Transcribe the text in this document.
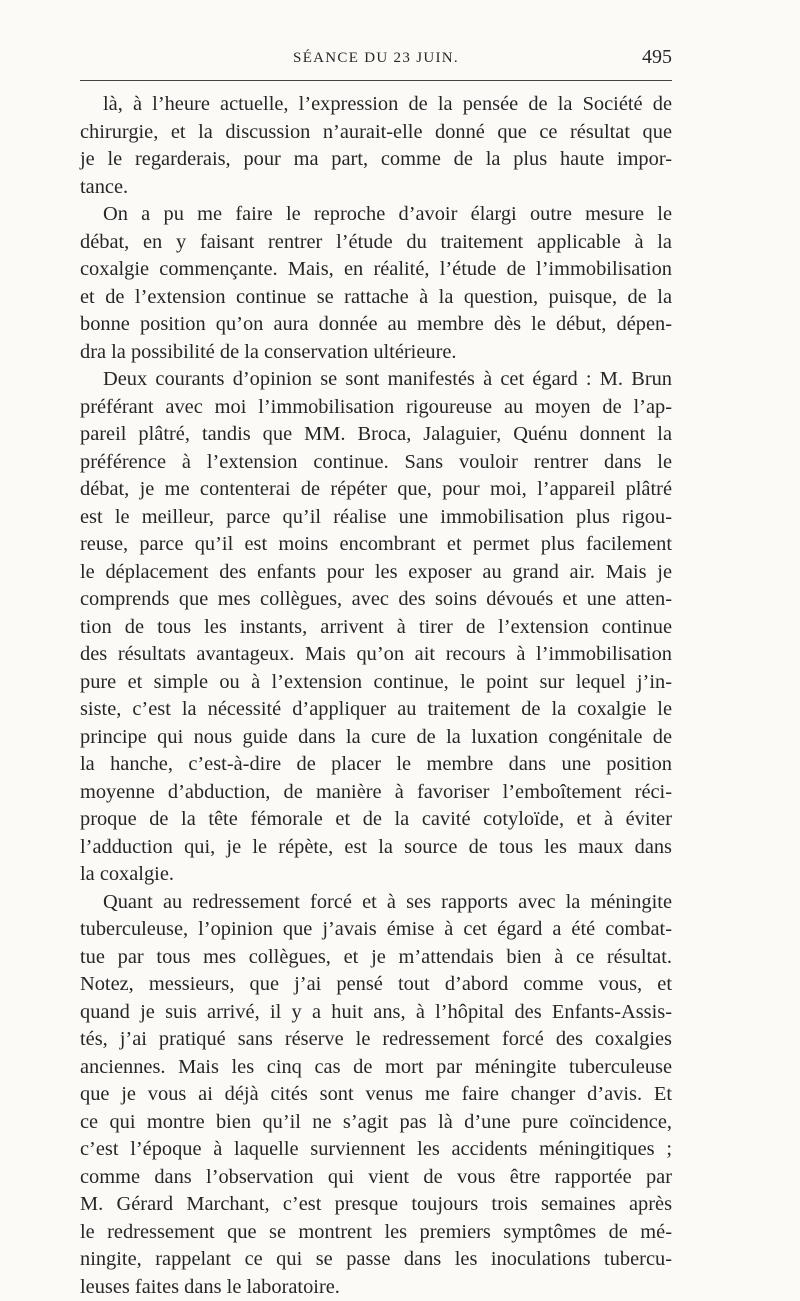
SÉANCE DU 23 JUIN.	495
là, à l’heure actuelle, l’expression de la pensée de la Société de
chirurgie, et la discussion n’aurait-elle donné que ce résultat que
je le regarderais, pour ma part, comme de la plus haute impor-
tance.
On a pu me faire le reproche d’avoir élargi outre mesure le
débat, en y faisant rentrer l’étude du traitement applicable à la
coxalgie commençante. Mais, en réalité, l’étude de l’immobilisation
et de l’extension continue se rattache à la question, puisque, de la
bonne position qu’on aura donnée au membre dès le début, dépen-
dra la possibilité de la conservation ultérieure.
Deux courants d’opinion se sont manifestés à cet égard : M. Brun
préférant avec moi l’immobilisation rigoureuse au moyen de l’ap-
pareil plâtré, tandis que MM. Broca, Jalaguier, Quénu donnent la
préférence à l’extension continue. Sans vouloir rentrer dans le
débat, je me contenterai de répéter que, pour moi, l’appareil plâtré
est le meilleur, parce qu’il réalise une immobilisation plus rigou-
reuse, parce qu’il est moins encombrant et permet plus facilement
le déplacement des enfants pour les exposer au grand air. Mais je
comprends que mes collègues, avec des soins dévoués et une atten-
tion de tous les instants, arrivent à tirer de l’extension continue
des résultats avantageux. Mais qu’on ait recours à l’immobilisation
pure et simple ou à l’extension continue, le point sur lequel j’in-
siste, c’est la nécessité d’appliquer au traitement de la coxalgie le
principe qui nous guide dans la cure de la luxation congénitale de
la hanche, c’est-à-dire de placer le membre dans une position
moyenne d’abduction, de manière à favoriser l’emboîtement réci-
proque de la tête fémorale et de la cavité cotyloïde, et à éviter
l’adduction qui, je le répète, est la source de tous les maux dans
la coxalgie.
Quant au redressement forcé et à ses rapports avec la méningite
tuberculeuse, l’opinion que j’avais émise à cet égard a été combat-
tue par tous mes collègues, et je m’attendais bien à ce résultat.
Notez, messieurs, que j’ai pensé tout d’abord comme vous, et
quand je suis arrivé, il y a huit ans, à l’hôpital des Enfants-Assis-
tés, j’ai pratiqué sans réserve le redressement forcé des coxalgies
anciennes. Mais les cinq cas de mort par méningite tuberculeuse
que je vous ai déjà cités sont venus me faire changer d’avis. Et
ce qui montre bien qu’il ne s’agit pas là d’une pure coïncidence,
c’est l’époque à laquelle surviennent les accidents méningitiques ;
comme dans l’observation qui vient de vous être rapportée par
M. Gérard Marchant, c’est presque toujours trois semaines après
le redressement que se montrent les premiers symptômes de mé-
ningite, rappelant ce qui se passe dans les inoculations tubercu-
leuses faites dans le laboratoire.
